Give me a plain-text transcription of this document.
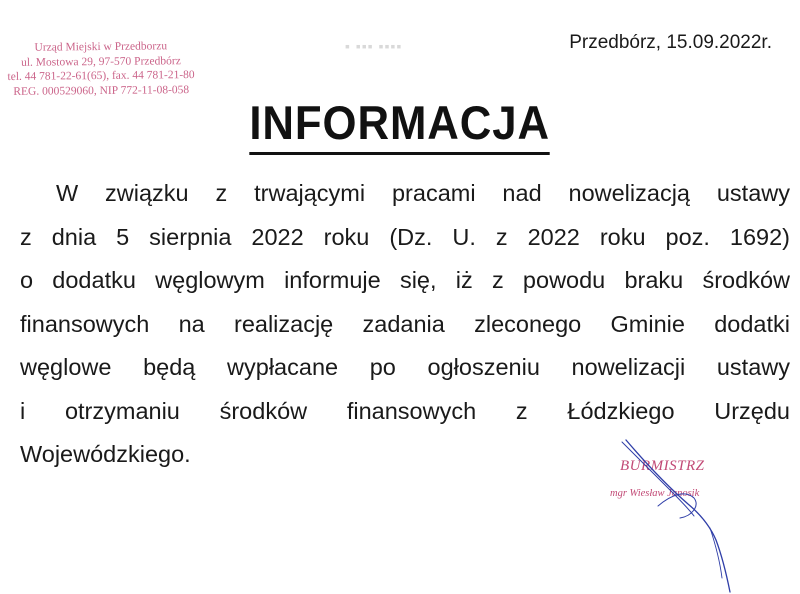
Urząd Miejski w Przedborzu
ul. Mostowa 29, 97-570 Przedbórz
tel. 44 781-22-61(65), fax. 44 781-21-80
REG. 000529060, NIP 772-11-08-058
▪ ▪▪▪ ▪▪▪▪	Przedbórz, 15.09.2022r.
INFORMACJA
W związku z trwającymi pracami nad nowelizacją ustawy
z dnia 5 sierpnia 2022 roku (Dz. U. z 2022 roku poz. 1692)
o dodatku węglowym informuje się, iż z powodu braku środków
finansowych na realizację zadania zleconego Gminie dodatki
węglowe będą wypłacane po ogłoszeniu nowelizacji ustawy
i otrzymaniu środków finansowych z Łódzkiego Urzędu
Wojewódzkiego.	BURMISTRZ
mgr Wiesław Janosik
